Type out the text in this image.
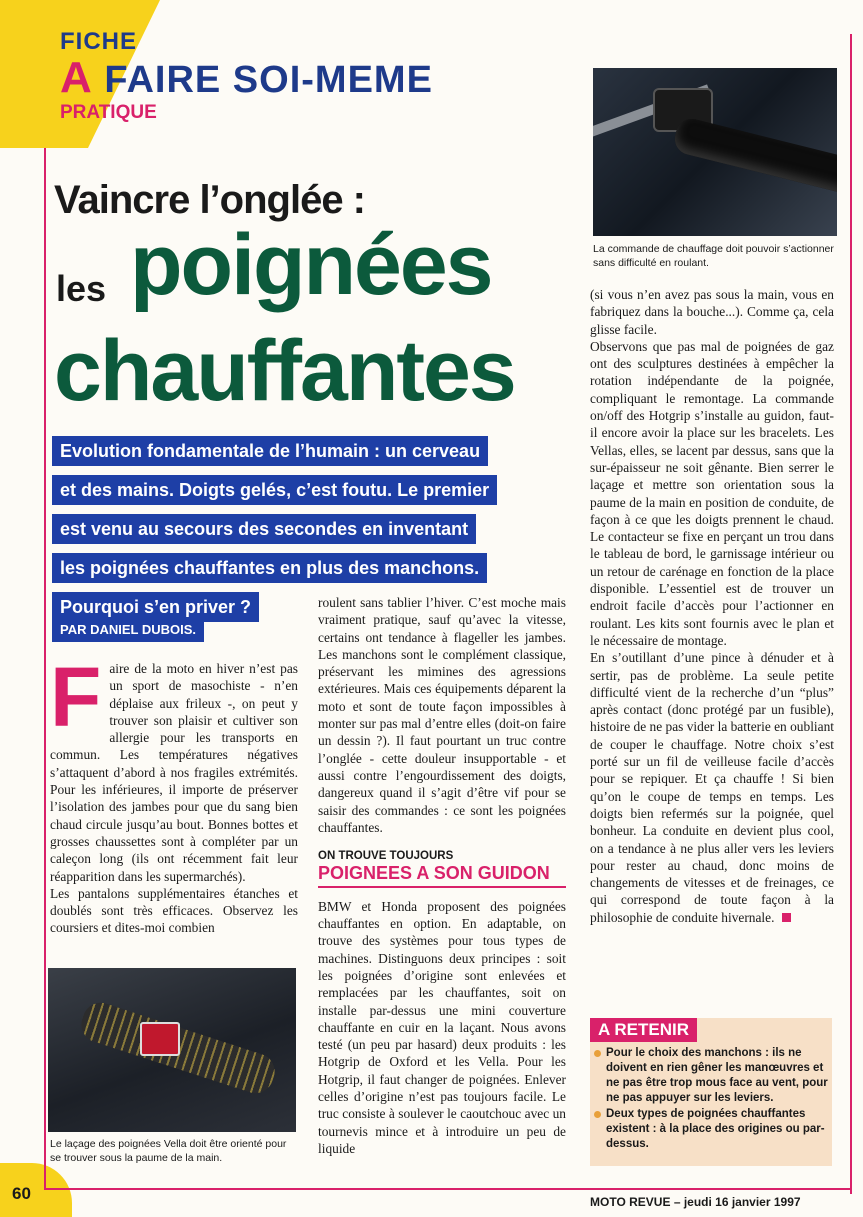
FICHE
A FAIRE SOI-MEME
PRATIQUE
Vaincre l’onglée :
les poignées
chauffantes
Evolution fondamentale de l’humain : un cerveau
et des mains. Doigts gelés, c’est foutu. Le premier
est venu au secours des secondes en inventant
les poignées chauffantes en plus des manchons.
Pourquoi s’en priver ?
PAR DANIEL DUBOIS.
F aire de la moto en hiver n’est pas un sport de masochiste - n’en déplaise aux frileux -, on peut y trouver son plaisir et cultiver son allergie pour les transports en commun. Les températures négatives s’attaquent d’abord à nos fragiles extrémités. Pour les inférieures, il importe de préserver l’isolation des jambes pour que du sang bien chaud circule jusqu’au bout. Bonnes bottes et grosses chaussettes sont à compléter par un caleçon long (ils ont récemment fait leur réapparition dans les supermarchés).

Les pantalons supplémentaires étanches et doublés sont très efficaces. Observez les coursiers et dites-moi combien

La commande de chauffage doit pouvoir s’actionner sans difficulté en roulant.
Le laçage des poignées Vella doit être orienté pour se trouver sous la paume de la main.

roulent sans tablier l’hiver. C’est moche mais vraiment pratique, sauf qu’avec la vitesse, certains ont tendance à flageller les jambes. Les manchons sont le complément classique, préservant les mimines des agressions extérieures. Mais ces équipements déparent la moto et sont de toute façon impossibles à monter sur pas mal d’entre elles (doit-on faire un dessin ?). Il faut pourtant un truc contre l’onglée - cette douleur insupportable - et aussi contre l’engourdissement des doigts, dangereux quand il s’agit d’être vif pour se saisir des commandes : ce sont les poignées chauffantes.

ON TROUVE TOUJOURS
POIGNEES A SON GUIDON

BMW et Honda proposent des poignées chauffantes en option. En adaptable, on trouve des systèmes pour tous types de machines. Distinguons deux principes : soit les poignées d’origine sont enlevées et remplacées par les chauffantes, soit on installe par-dessus une mini couverture chauffante en cuir en la laçant. Nous avons testé (un peu par hasard) deux produits : les Hotgrip de Oxford et les Vella. Pour les Hotgrip, il faut changer de poignées. Enlever celles d’origine n’est pas toujours facile. Le truc consiste à soulever le caoutchouc avec un tournevis mince et à introduire un peu de liquide

(si vous n’en avez pas sous la main, vous en fabriquez dans la bouche...). Comme ça, cela glisse facile.

Observons que pas mal de poignées de gaz ont des sculptures destinées à empêcher la rotation indépendante de la poignée, compliquant le remontage. La commande on/off des Hotgrip s’installe au guidon, faut-il encore avoir la place sur les bracelets. Les Vellas, elles, se lacent par dessus, sans que la sur-épaisseur ne soit gênante. Bien serrer le laçage et mettre son orientation sous la paume de la main en position de conduite, de façon à ce que les doigts prennent le chaud. Le contacteur se fixe en perçant un trou dans le tableau de bord, le garnissage intérieur ou un retour de carénage en fonction de la place disponible. L’essentiel est de trouver un endroit facile d’accès pour l’actionner en roulant. Les kits sont fournis avec le plan et le nécessaire de montage.

En s’outillant d’une pince à dénuder et à sertir, pas de problème. La seule petite difficulté vient de la recherche d’un “plus” après contact (donc protégé par un fusible), histoire de ne pas vider la batterie en oubliant de couper le chauffage. Notre choix s’est porté sur un fil de veilleuse facile d’accès pour se repiquer. Et ça chauffe ! Si bien qu’on le coupe de temps en temps. Les doigts bien refermés sur la poignée, quel bonheur. La conduite en devient plus cool, on a tendance à ne plus aller vers les leviers pour rester au chaud, donc moins de changements de vitesses et de freinages, ce qui correspond de toute façon à la philosophie de conduite hivernale.

A RETENIR
Pour le choix des manchons : ils ne doivent en rien gêner les manœuvres et ne pas être trop mous face au vent, pour ne pas appuyer sur les leviers.
Deux types de poignées chauffantes existent : à la place des origines ou par-dessus.
60	MOTO REVUE – jeudi 16 janvier 1997
